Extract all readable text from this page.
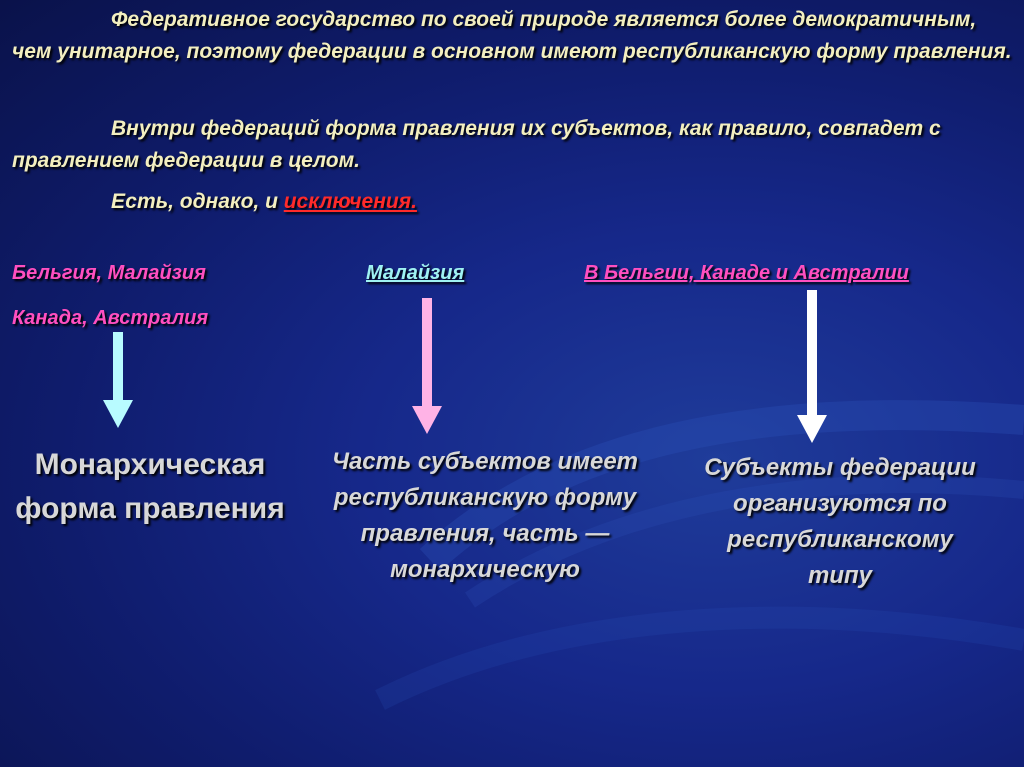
Федеративное государство по своей природе является более демократичным, чем унитарное, поэтому федерации в основном имеют республиканскую форму правления.

Внутри федераций форма правления их субъектов, как правило, совпадет с правлением федерации в целом.

Есть, однако, и исключения.

Бельгия, Малайзия

Канада, Австралия

Монархическая форма правления

Малайзия

Часть субъектов имеет республиканскую форму правления, часть — монархическую

В Бельгии, Канаде и Австралии

Субъекты федерации организуются по республиканскому типу
